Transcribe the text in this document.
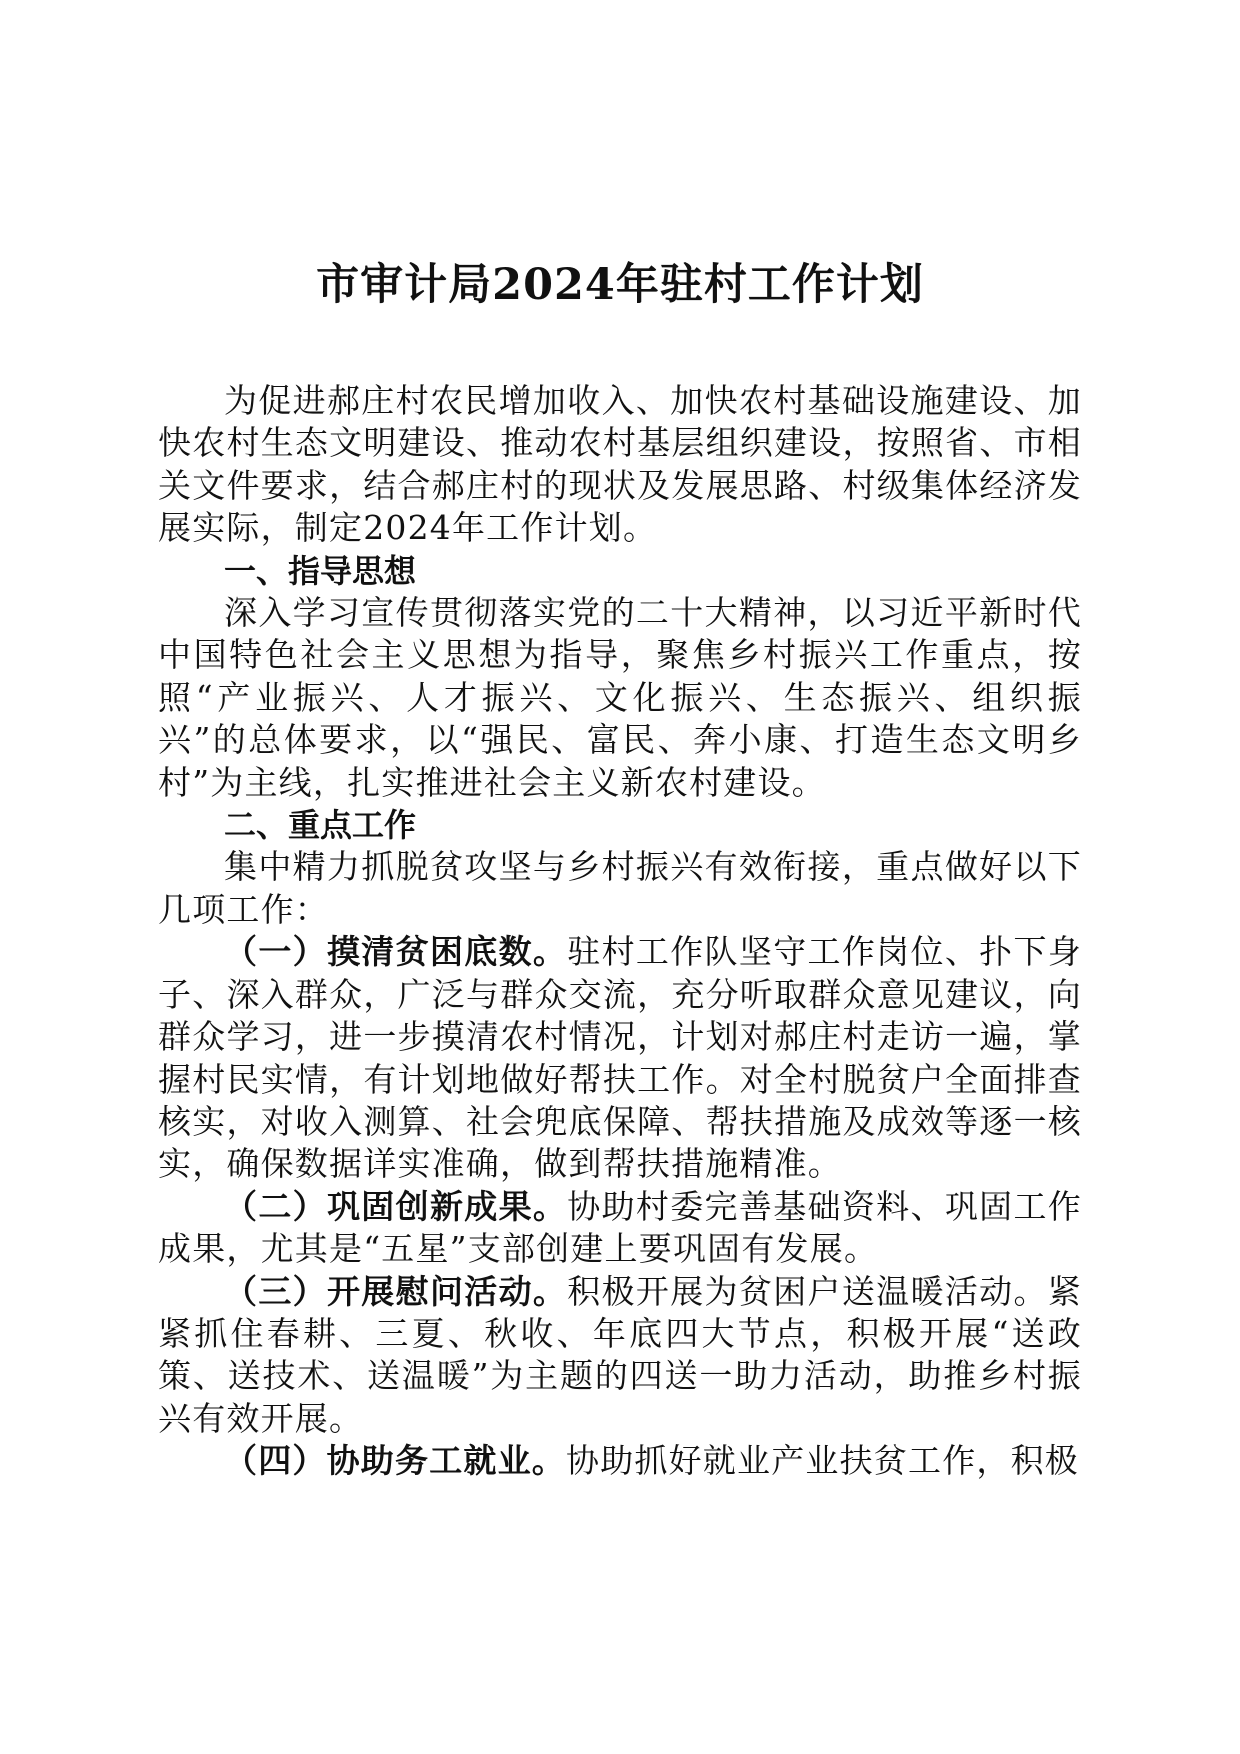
市审计局2024年驻村工作计划

为促进郝庄村农民增加收入、加快农村基础设施建设、加快农村生态文明建设、推动农村基层组织建设，按照省、市相关文件要求，结合郝庄村的现状及发展思路、村级集体经济发展实际，制定2024年工作计划。

一、指导思想

深入学习宣传贯彻落实党的二十大精神，以习近平新时代中国特色社会主义思想为指导，聚焦乡村振兴工作重点，按照“产业振兴、人才振兴、文化振兴、生态振兴、组织振兴”的总体要求，以“强民、富民、奔小康、打造生态文明乡村”为主线，扎实推进社会主义新农村建设。

二、重点工作

集中精力抓脱贫攻坚与乡村振兴有效衔接，重点做好以下几项工作：

（一）摸清贫困底数。驻村工作队坚守工作岗位、扑下身子、深入群众，广泛与群众交流，充分听取群众意见建议，向群众学习，进一步摸清农村情况，计划对郝庄村走访一遍，掌握村民实情，有计划地做好帮扶工作。对全村脱贫户全面排查核实，对收入测算、社会兜底保障、帮扶措施及成效等逐一核实，确保数据详实准确，做到帮扶措施精准。

（二）巩固创新成果。协助村委完善基础资料、巩固工作成果，尤其是“五星”支部创建上要巩固有发展。

（三）开展慰问活动。积极开展为贫困户送温暖活动。紧紧抓住春耕、三夏、秋收、年底四大节点，积极开展“送政策、送技术、送温暖”为主题的四送一助力活动，助推乡村振兴有效开展。

（四）协助务工就业。协助抓好就业产业扶贫工作，积极
